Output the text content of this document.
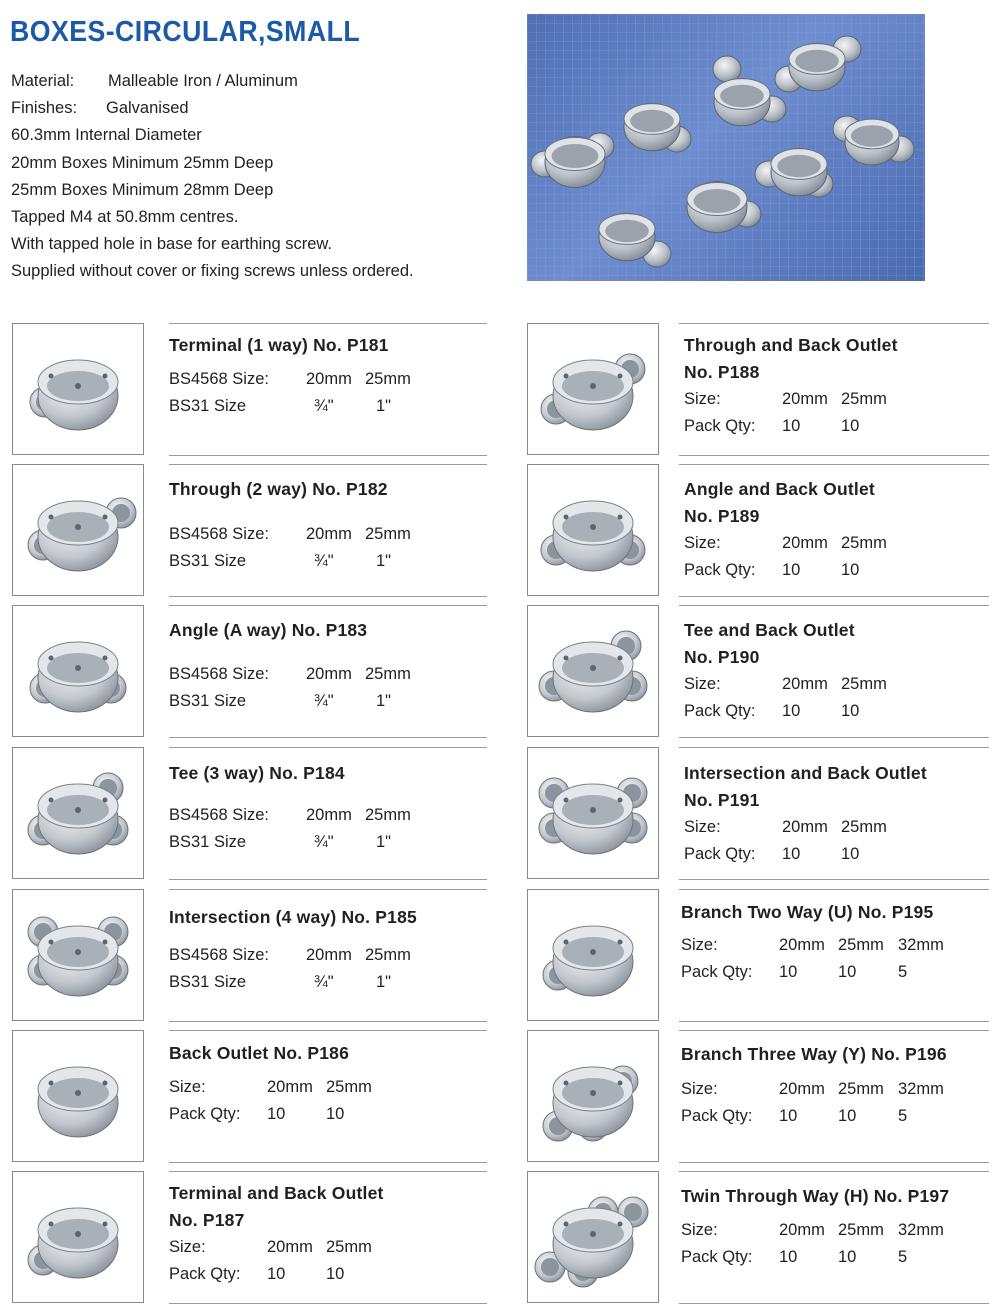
BOXES-CIRCULAR,SMALL
Material: Malleable Iron / Aluminum
Finishes: Galvanised
60.3mm Internal Diameter
20mm Boxes Minimum 25mm Deep
25mm Boxes Minimum 28mm Deep
Tapped M4 at 50.8mm centres.
With tapped hole in base for earthing screw.
Supplied without cover or fixing screws unless ordered.
Terminal (1 way) No. P181
BS4568 Size: 20mm 25mm
BS31 Size	¾"	1"
Through (2 way) No. P182
BS4568 Size: 20mm 25mm
BS31 Size	¾"	1"
Angle (A way) No. P183
BS4568 Size: 20mm 25mm
BS31 Size	¾"	1"
Tee (3 way) No. P184
BS4568 Size: 20mm 25mm
BS31 Size	¾"	1"
Intersection (4 way) No. P185
BS4568 Size: 20mm 25mm
BS31 Size	¾"	1"
Back Outlet No. P186
Size:	20mm 25mm
Pack Qty: 10 10
Terminal and Back Outlet
No. P187
Size:	20mm 25mm
Pack Qty: 10 10
Through and Back Outlet
No. P188
Size:	20mm 25mm
Pack Qty: 10 10
Angle and Back Outlet
No. P189
Size:	20mm 25mm
Pack Qty: 10 10
Tee and Back Outlet
No. P190
Size:	20mm 25mm
Pack Qty: 10 10
Intersection and Back Outlet
No. P191
Size:	20mm 25mm
Pack Qty: 10 10
Branch Two Way (U) No. P195
Size:	20mm 25mm 32mm
Pack Qty: 10 10	5
Branch Three Way (Y) No. P196
Size:	20mm 25mm 32mm
Pack Qty: 10 10	5
Twin Through Way (H) No. P197
Size:	20mm 25mm 32mm
Pack Qty: 10 10	5
